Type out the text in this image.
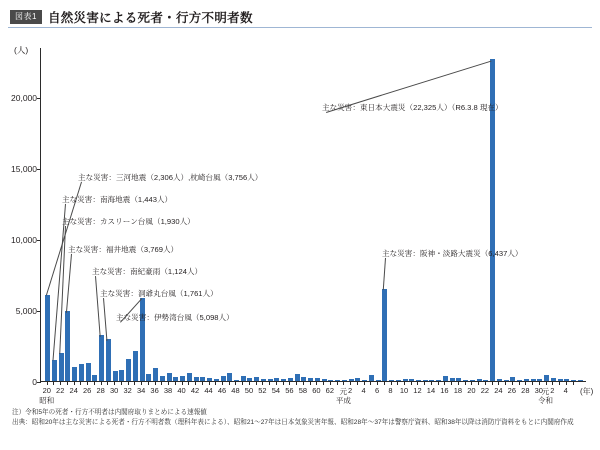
図表1 自然災害による死者・行方不明者数
(人)
0
5,000
10,000
15,000
20,000
昭和
20 22 24 26 28 30 32 34 36 38 40 42 44 46 48 50 52 54 56 58 60 62
平成
元 2 4 6 8 10 12 14 16 18 20 22 24 26 28 30
令和
元 2 4 (年)
主な災害：三河地震（2,306人）,枕崎台風（3,756人）
主な災害：南海地震（1,443人）
主な災害：カスリーン台風（1,930人）
主な災害：福井地震（3,769人）
主な災害：南紀豪雨（1,124人）
主な災害：洞爺丸台風（1,761人）
主な災害：伊勢湾台風（5,098人）
主な災害：阪神・淡路大震災（6,437人）
主な災害：東日本大震災（22,325人）（R6.3.8 現在）
注）令和5年の死者・行方不明者は内閣府取りまとめによる速報値
出典：昭和20年は主な災害による死者・行方不明者数（理科年表による）、昭和21〜27年は日本気象災害年報、昭和28年〜37年は警察庁資料、昭和38年以降は消防庁資料をもとに内閣府作成
